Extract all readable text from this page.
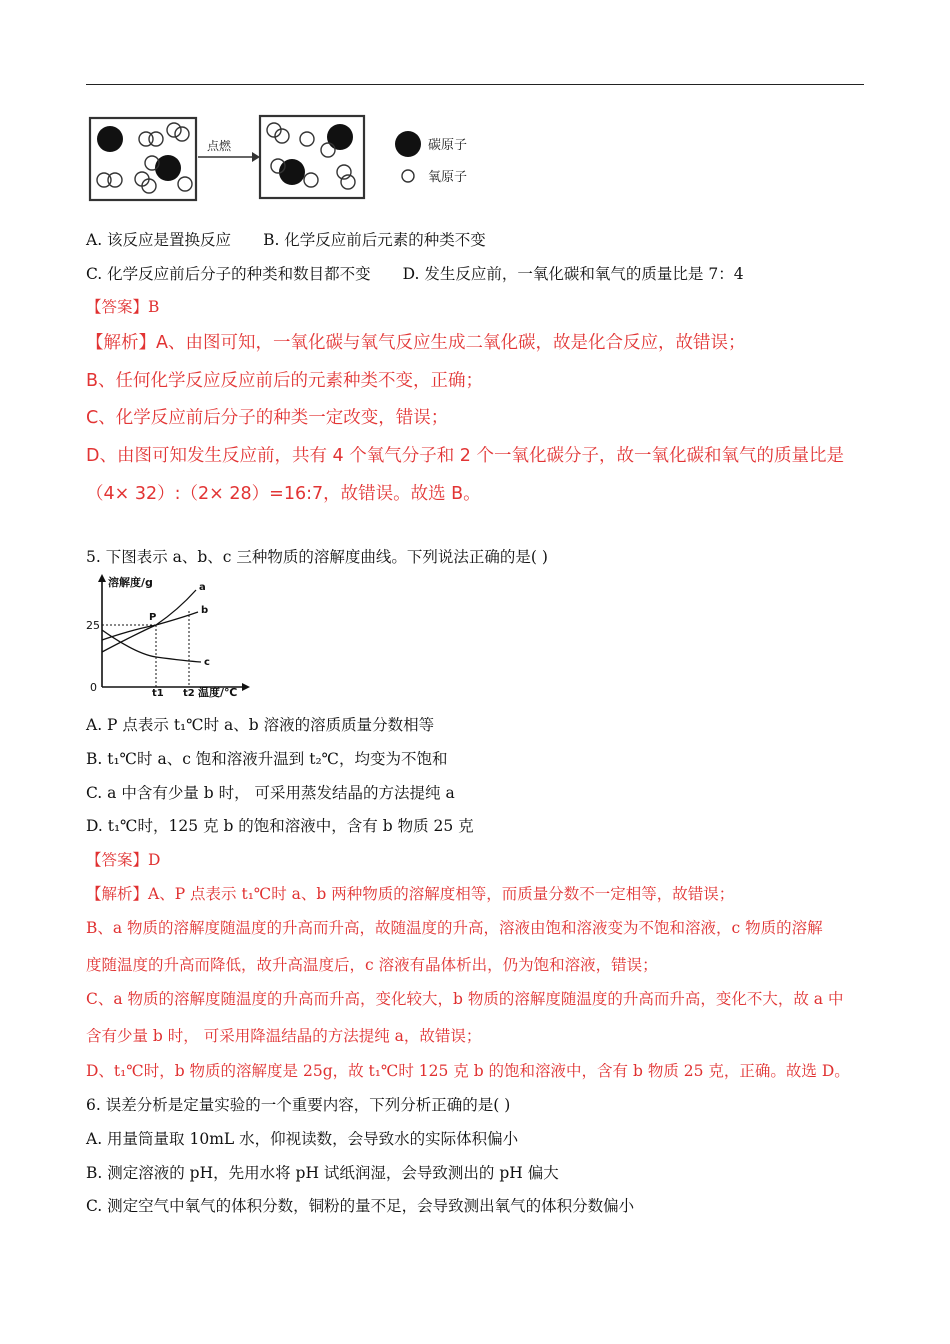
点燃	碳原子
氧原子
A. 该反应是置换反应 B. 化学反应前后元素的种类不变
C. 化学反应前后分子的种类和数目都不变 D. 发生反应前，一氧化碳和氧气的质量比是 7：4
【答案】B
【解析】A、由图可知，一氧化碳与氧气反应生成二氧化碳，故是化合反应，故错误；
B、任何化学反应反应前后的元素种类不变，正确；
C、化学反应前后分子的种类一定改变，错误；
D、由图可知发生反应前，共有 4 个氧气分子和 2 个一氧化碳分子，故一氧化碳和氧气的质量比是
（4× 32）:（2× 28）=16:7，故错误。故选 B。
5. 下图表示 a、b、c 三种物质的溶解度曲线。下列说法正确的是( )
溶解度/g
温度/℃
0
25
a
b
c
P
t1 t2
A. P 点表示 t₁℃时 a、b 溶液的溶质质量分数相等
B. t₁℃时 a、c 饱和溶液升温到 t₂℃，均变为不饱和
C. a 中含有少量 b 时， 可采用蒸发结晶的方法提纯 a
D. t₁℃时，125 克 b 的饱和溶液中，含有 b 物质 25 克
【答案】D
【解析】A、P 点表示 t₁℃时 a、b 两种物质的溶解度相等，而质量分数不一定相等，故错误；
B、a 物质的溶解度随温度的升高而升高，故随温度的升高，溶液由饱和溶液变为不饱和溶液，c 物质的溶解
度随温度的升高而降低，故升高温度后，c 溶液有晶体析出，仍为饱和溶液，错误；
C、a 物质的溶解度随温度的升高而升高，变化较大，b 物质的溶解度随温度的升高而升高，变化不大，故 a 中
含有少量 b 时， 可采用降温结晶的方法提纯 a，故错误；
D、t₁℃时，b 物质的溶解度是 25g，故 t₁℃时 125 克 b 的饱和溶液中，含有 b 物质 25 克，正确。故选 D。
6. 误差分析是定量实验的一个重要内容，下列分析正确的是( )
A. 用量筒量取 10mL 水，仰视读数，会导致水的实际体积偏小
B. 测定溶液的 pH，先用水将 pH 试纸润湿，会导致测出的 pH 偏大
C. 测定空气中氧气的体积分数，铜粉的量不足，会导致测出氧气的体积分数偏小
